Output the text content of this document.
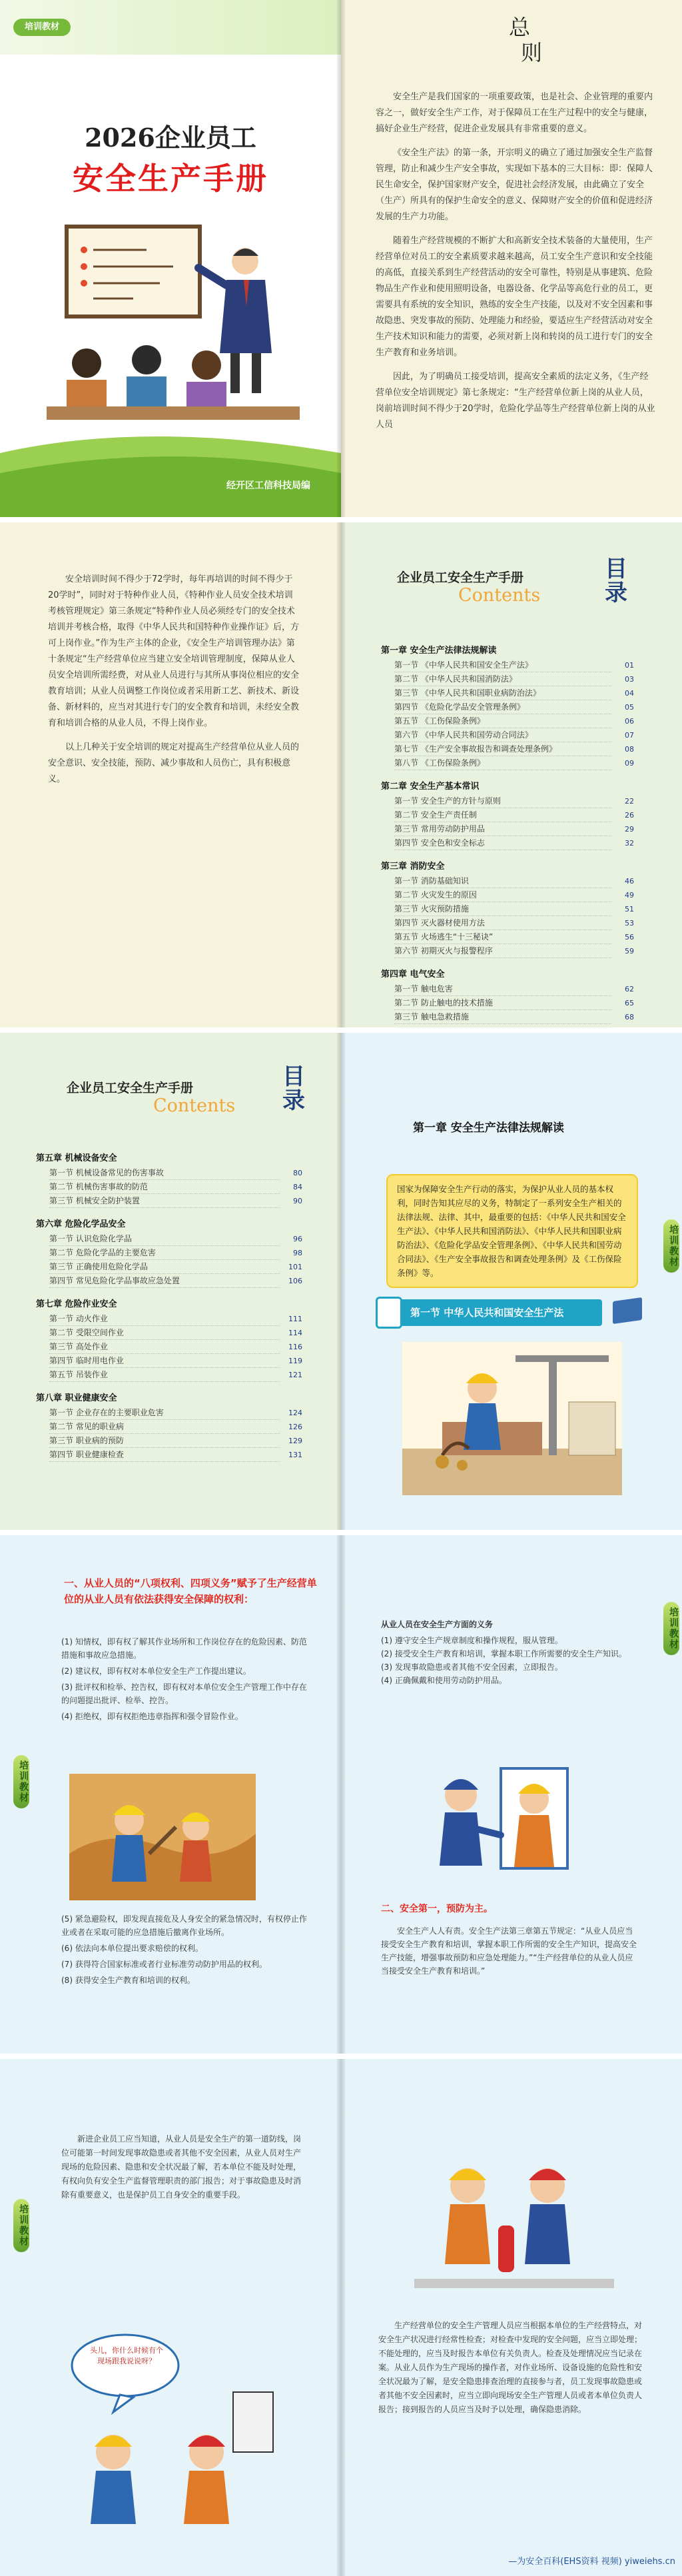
培训教材
2026企业员工
安全生产手册
经开区工信科技局编
总
则

安全生产是我们国家的一项重要政策，也是社会、企业管理的重要内容之一，做好安全生产工作，对于保障员工在生产过程中的安全与健康，搞好企业生产经营，促进企业发展具有非常重要的意义。

《安全生产法》的第一条，开宗明义的确立了通过加强安全生产监督管理，防止和减少生产安全事故，实现如下基本的三大目标：即：保障人民生命安全，保护国家财产安全，促进社会经济发展，由此确立了安全（生产）所具有的保护生命安全的意义、保障财产安全的价值和促进经济发展的生产力功能。

随着生产经营规模的不断扩大和高新安全技术装备的大量使用，生产经营单位对员工的安全素质要求越来越高，员工安全生产意识和安全技能的高低，直接关系到生产经营活动的安全可靠性，特别是从事建筑、危险物品生产作业和使用照明设备，电器设备、化学品等高危行业的员工，更需要具有系统的安全知识，熟练的安全生产技能，以及对不安全因素和事故隐患、突发事故的预防、处理能力和经验，要适应生产经营活动对安全生产技术知识和能力的需要，必须对新上岗和转岗的员工进行专门的安全生产教育和业务培训。

因此，为了明确员工接受培训，提高安全素质的法定义务，《生产经营单位安全培训规定》第七条规定：“生产经营单位新上岗的从业人员，岗前培训时间不得少于20学时，危险化学品等生产经营单位新上岗的从业人员

安全培训时间不得少于72学时，每年再培训的时间不得少于20学时”，同时对于特种作业人员，《特种作业人员安全技术培训考核管理规定》第三条规定“特种作业人员必须经专门的安全技术培训并考核合格，取得《中华人民共和国特种作业操作证》后，方可上岗作业。”作为生产主体的企业，《安全生产培训管理办法》第十条规定“生产经营单位应当建立安全培训管理制度，保障从业人员安全培训所需经费，对从业人员进行与其所从事岗位相应的安全教育培训；从业人员调整工作岗位或者采用新工艺、新技术、新设备、新材料的，应当对其进行专门的安全教育和培训，未经安全教育和培训合格的从业人员，不得上岗作业。

以上几种关于安全培训的规定对提高生产经营单位从业人员的安全意识、安全技能，预防、减少事故和人员伤亡，具有积极意义。

企业员工安全生产手册
Contents
目录
第一章 安全生产法律法规解读
第一节 《中华人民共和国安全生产法》	01
第二节 《中华人民共和国消防法》	03
第三节 《中华人民共和国职业病防治法》	04
第四节 《危险化学品安全管理条例》	05
第五节 《工伤保险条例》	06
第六节 《中华人民共和国劳动合同法》	07
第七节 《生产安全事故报告和调查处理条例》	08
第八节 《工伤保险条例》	09
第二章 安全生产基本常识
第一节 安全生产的方针与原则	22
第二节 安全生产责任制	26
第三节 常用劳动防护用品	29
第四节 安全色和安全标志	32
第三章 消防安全
第一节 消防基础知识	46
第二节 火灾发生的原因	49
第三节 火灾预防措施	51
第四节 灭火器材使用方法	53
第五节 火场逃生“十三秘诀”	56
第六节 初期灭火与报警程序	59
第四章 电气安全
第一节 触电危害	62
第二节 防止触电的技术措施	65
第三节 触电急救措施	68
企业员工安全生产手册
Contents
目录
第五章 机械设备安全
第一节 机械设备常见的伤害事故	80
第二节 机械伤害事故的防范	84
第三节 机械安全防护装置	90
第六章 危险化学品安全
第一节 认识危险化学品	96
第二节 危险化学品的主要危害	98
第三节 正确使用危险化学品	101
第四节 常见危险化学品事故应急处置	106
第七章 危险作业安全
第一节 动火作业	111
第二节 受限空间作业	114
第三节 高处作业	116
第四节 临时用电作业	119
第五节 吊装作业	121
第八章 职业健康安全
第一节 企业存在的主要职业危害	124
第二节 常见的职业病	126
第三节 职业病的预防	129
第四节 职业健康检查	131
第一章 安全生产法律法规解读
国家为保障安全生产行动的落实，为保护从业人员的基本权利，同时告知其应尽的义务，特制定了一系列安全生产相关的法律法规、法律、其中，最重要的包括：《中华人民共和国安全生产法》、《中华人民共和国消防法》、《中华人民共和国职业病防治法》、《危险化学品安全管理条例》、《中华人民共和国劳动合同法》、《生产安全事故报告和调查处理条例》及《工伤保险条例》等。
第一节 中华人民共和国安全生产法
培训教材
培训教材
一、从业人员的“八项权利、四项义务”赋予了生产经营单位的从业人员有依法获得安全保障的权利：

(1) 知情权，即有权了解其作业场所和工作岗位存在的危险因素、防范措施和事故应急措施。

(2) 建议权，即有权对本单位安全生产工作提出建议。

(3) 批评权和检举、控告权，即有权对本单位安全生产管理工作中存在的问题提出批评、检举、控告。

(4) 拒绝权，即有权拒绝违章指挥和强令冒险作业。

(5) 紧急避险权，即发现直接危及人身安全的紧急情况时，有权停止作业或者在采取可能的应急措施后撤离作业场所。

(6) 依法向本单位提出要求赔偿的权利。

(7) 获得符合国家标准或者行业标准劳动防护用品的权利。

(8) 获得安全生产教育和培训的权利。

从业人员在安全生产方面的义务

(1) 遵守安全生产规章制度和操作规程，服从管理。

(2) 接受安全生产教育和培训，掌握本职工作所需要的安全生产知识。

(3) 发现事故隐患或者其他不安全因素，立即报告。

(4) 正确佩戴和使用劳动防护用品。

二、安全第一，预防为主。
安全生产人人有责。安全生产法第三章第五节规定：“从业人员应当接受安全生产教育和培训，掌握本职工作所需的安全生产知识，提高安全生产技能，增强事故预防和应急处理能力。”“生产经营单位的从业人员应当接受安全生产教育和培训。”
培训教材
培训教材
新进企业员工应当知道，从业人员是安全生产的第一道防线，岗位可能第一时间发现事故隐患或者其他不安全因素，从业人员对生产现场的危险因素、隐患和安全状况最了解，若本单位不能及时处理，有权向负有安全生产监督管理职责的部门报告；对于事故隐患及时消除有重要意义，也是保护员工自身安全的重要手段。
头儿，你什么时候有个现场跟我说说呀？
生产经营单位的安全生产管理人员应当根据本单位的生产经营特点，对安全生产状况进行经常性检查；对检查中发现的安全问题，应当立即处理；不能处理的，应当及时报告本单位有关负责人。检查及处理情况应当记录在案。从业人员作为生产现场的操作者，对作业场所、设备设施的危险性和安全状况最为了解，是安全隐患排查治理的直接参与者，员工发现事故隐患或者其他不安全因素时，应当立即向现场安全生产管理人员或者本单位负责人报告；接到报告的人员应当及时予以处理，确保隐患消除。
—为安全百科(EHS资料 视频) yiweiehs.cn
